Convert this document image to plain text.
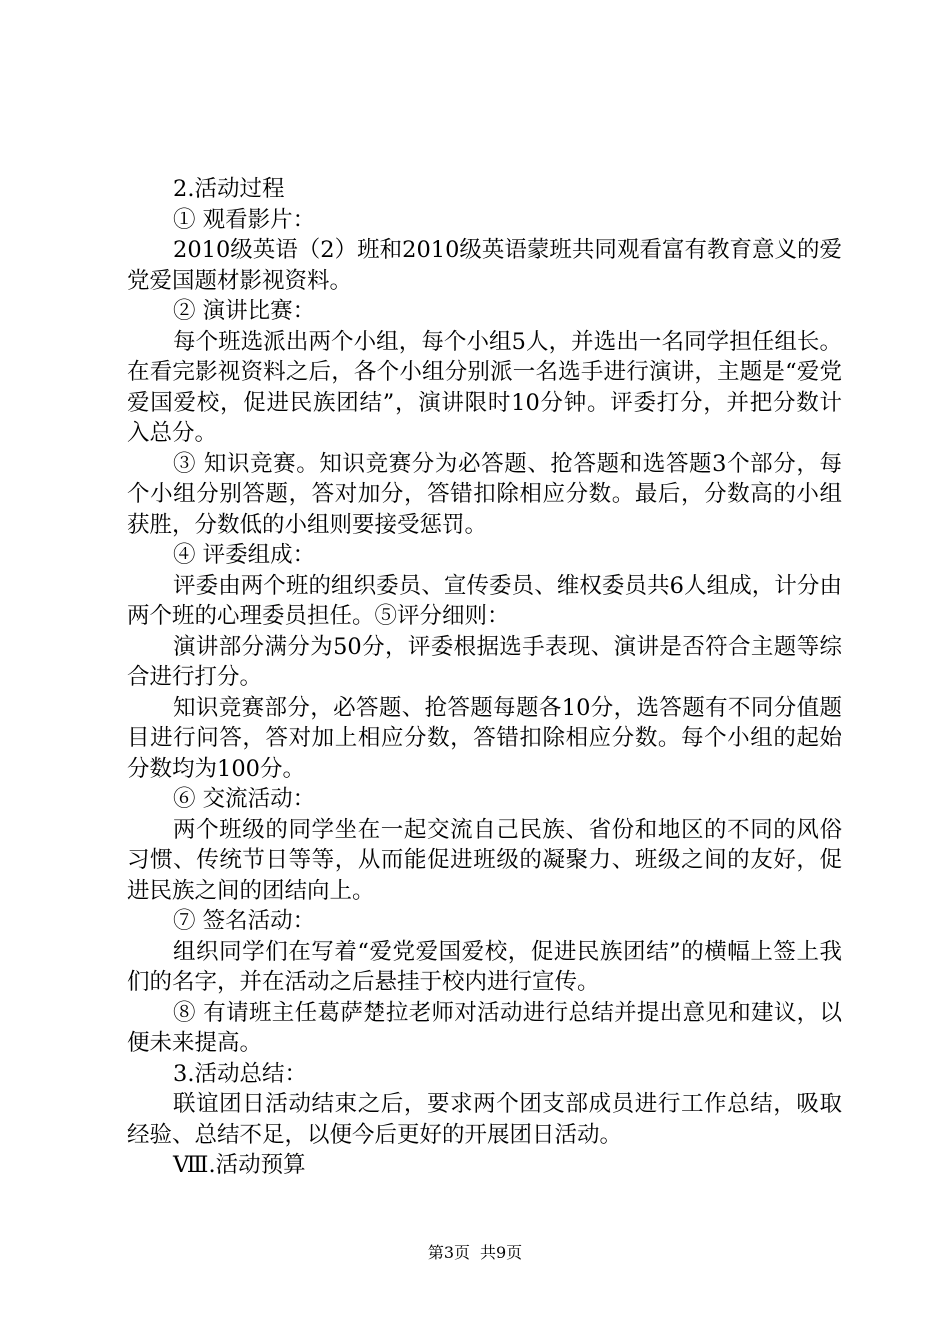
2.活动过程

① 观看影片：

2010级英语（2）班和2010级英语蒙班共同观看富有教育意义的爱党爱国题材影视资料。

② 演讲比赛：

每个班选派出两个小组，每个小组5人，并选出一名同学担任组长。在看完影视资料之后，各个小组分别派一名选手进行演讲，主题是“爱党爱国爱校，促进民族团结”，演讲限时10分钟。评委打分，并把分数计入总分。

③ 知识竞赛。知识竞赛分为必答题、抢答题和选答题3个部分，每个小组分别答题，答对加分，答错扣除相应分数。最后，分数高的小组获胜，分数低的小组则要接受惩罚。

④ 评委组成：

评委由两个班的组织委员、宣传委员、维权委员共6人组成，计分由两个班的心理委员担任。⑤评分细则：

演讲部分满分为50分，评委根据选手表现、演讲是否符合主题等综合进行打分。

知识竞赛部分，必答题、抢答题每题各10分，选答题有不同分值题目进行问答，答对加上相应分数，答错扣除相应分数。每个小组的起始分数均为100分。

⑥ 交流活动：

两个班级的同学坐在一起交流自己民族、省份和地区的不同的风俗习惯、传统节日等等，从而能促进班级的凝聚力、班级之间的友好，促进民族之间的团结向上。

⑦ 签名活动：

组织同学们在写着“爱党爱国爱校，促进民族团结”的横幅上签上我们的名字，并在活动之后悬挂于校内进行宣传。

⑧ 有请班主任葛萨楚拉老师对活动进行总结并提出意见和建议，以便未来提高。

3.活动总结：

联谊团日活动结束之后，要求两个团支部成员进行工作总结，吸取经验、总结不足，以便今后更好的开展团日活动。

Ⅷ.活动预算

第3页 共9页
